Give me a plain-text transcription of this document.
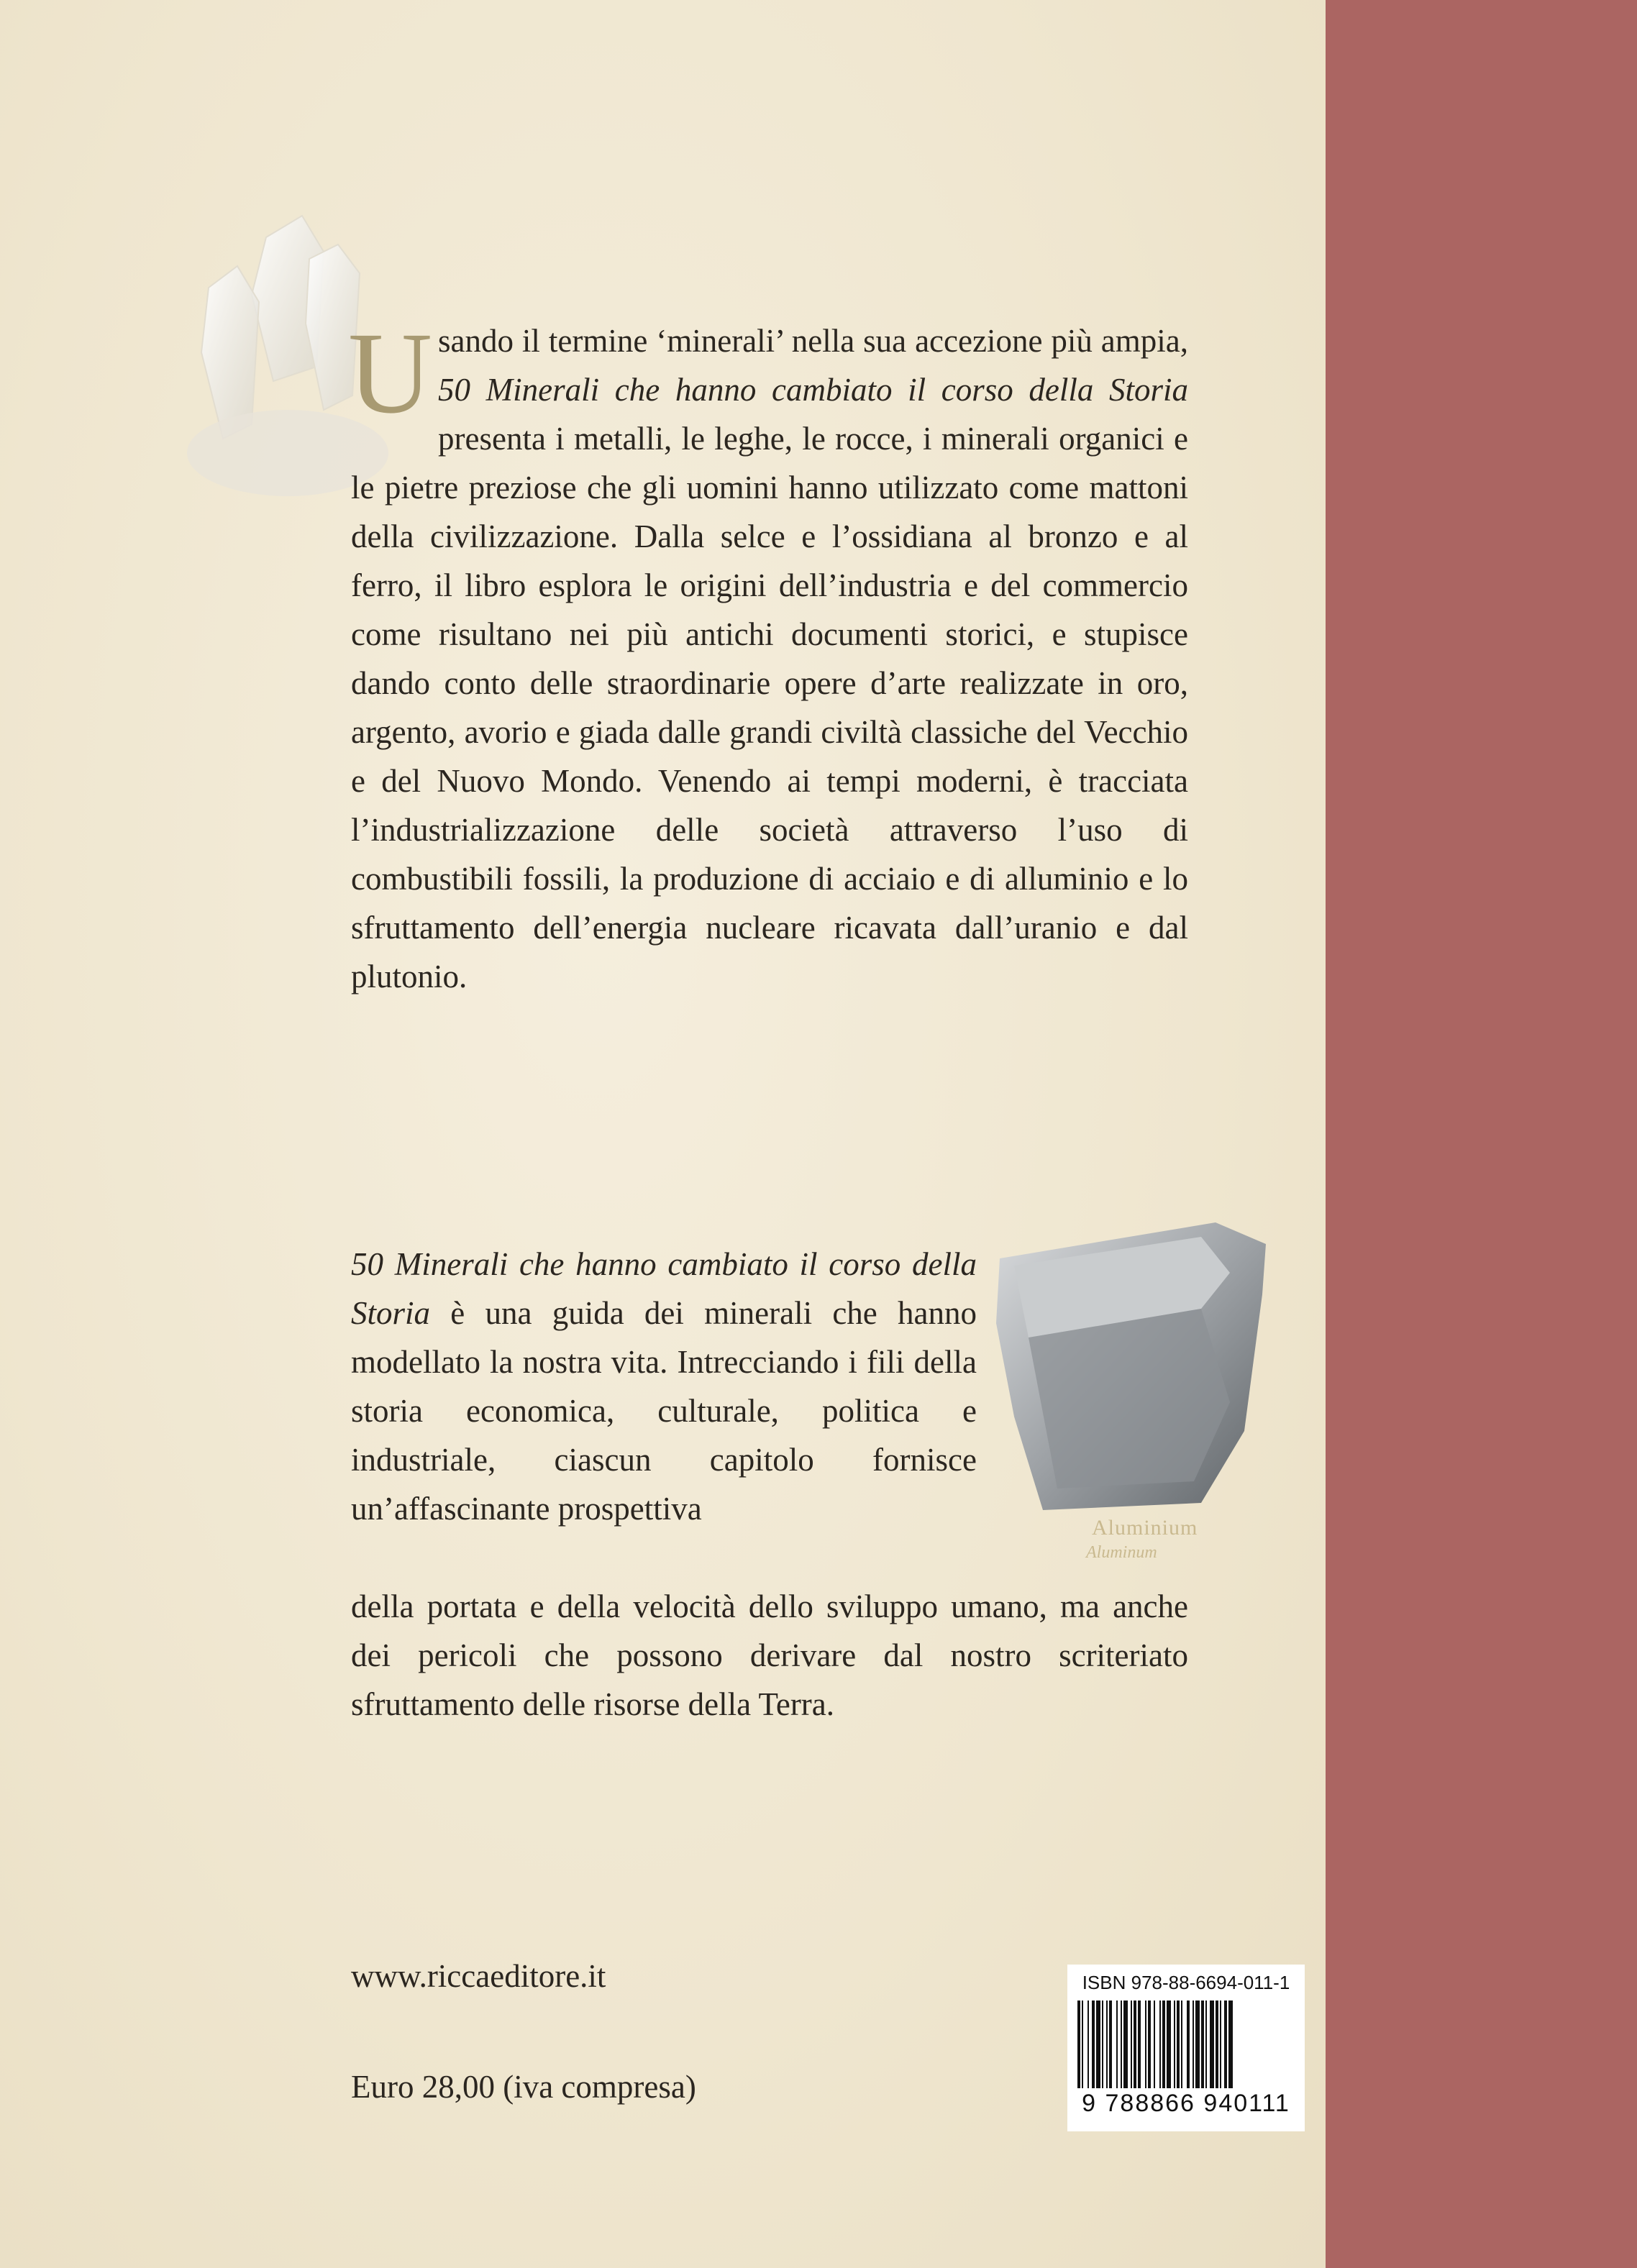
Usando il termine ‘minerali’ nella sua accezione più ampia, 50 Minerali che hanno cambiato il corso della Storia presenta i metalli, le leghe, le rocce, i minerali organici e le pietre preziose che gli uomini hanno utilizzato come mattoni della civilizzazione. Dalla selce e l’ossidiana al bronzo e al ferro, il libro esplora le origini dell’industria e del commercio come risultano nei più antichi documenti storici, e stupisce dando conto delle straordinarie opere d’arte realizzate in oro, argento, avorio e giada dalle grandi civiltà classiche del Vecchio e del Nuovo Mondo. Venendo ai tempi moderni, è tracciata l’industrializzazione delle società attraverso l’uso di combustibili fossili, la produzione di acciaio e di alluminio e lo sfruttamento dell’energia nucleare ricavata dall’uranio e dal plutonio.
50 Minerali che hanno cambiato il corso della Storia è una guida dei minerali che hanno modellato la nostra vita. Intrecciando i fili della storia economica, culturale, politica e industriale, ciascun capitolo fornisce un’affascinante prospettiva
della portata e della velocità dello sviluppo umano, ma anche dei pericoli che possono derivare dal nostro scriteriato sfruttamento delle risorse della Terra.
Aluminium
Aluminum
www.riccaeditore.it
Euro 28,00 (iva compresa)
ISBN 978-88-6694-011-1
9 788866 940111
